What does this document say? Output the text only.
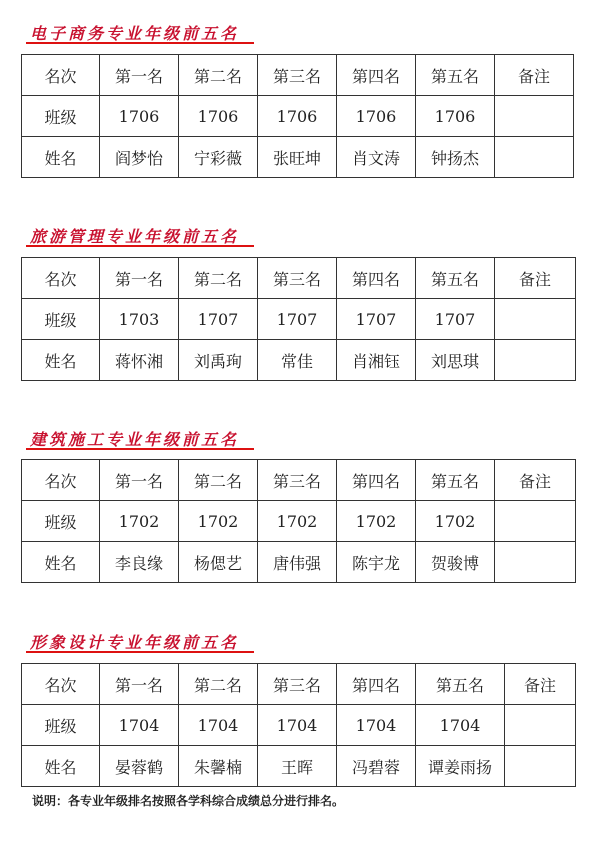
电子商务专业年级前五名
名次	第一名	第二名	第三名	第四名	第五名	备注
班级	1706	1706	1706	1706	1706	
姓名	阎梦怡	宁彩薇	张旺坤	肖文涛	钟扬杰	
旅游管理专业年级前五名
名次	第一名	第二名	第三名	第四名	第五名	备注
班级	1703	1707	1707	1707	1707	
姓名	蒋怀湘	刘禹珣	常佳	肖湘钰	刘思琪	
建筑施工专业年级前五名
名次	第一名	第二名	第三名	第四名	第五名	备注
班级	1702	1702	1702	1702	1702	
姓名	李良缘	杨偲艺	唐伟强	陈宇龙	贺骏博	
形象设计专业年级前五名
名次	第一名	第二名	第三名	第四名	第五名	备注
班级	1704	1704	1704	1704	1704	
姓名	晏蓉鹤	朱馨楠	王晖	冯碧蓉	谭姜雨扬	
说明：各专业年级排名按照各学科综合成绩总分进行排名。
